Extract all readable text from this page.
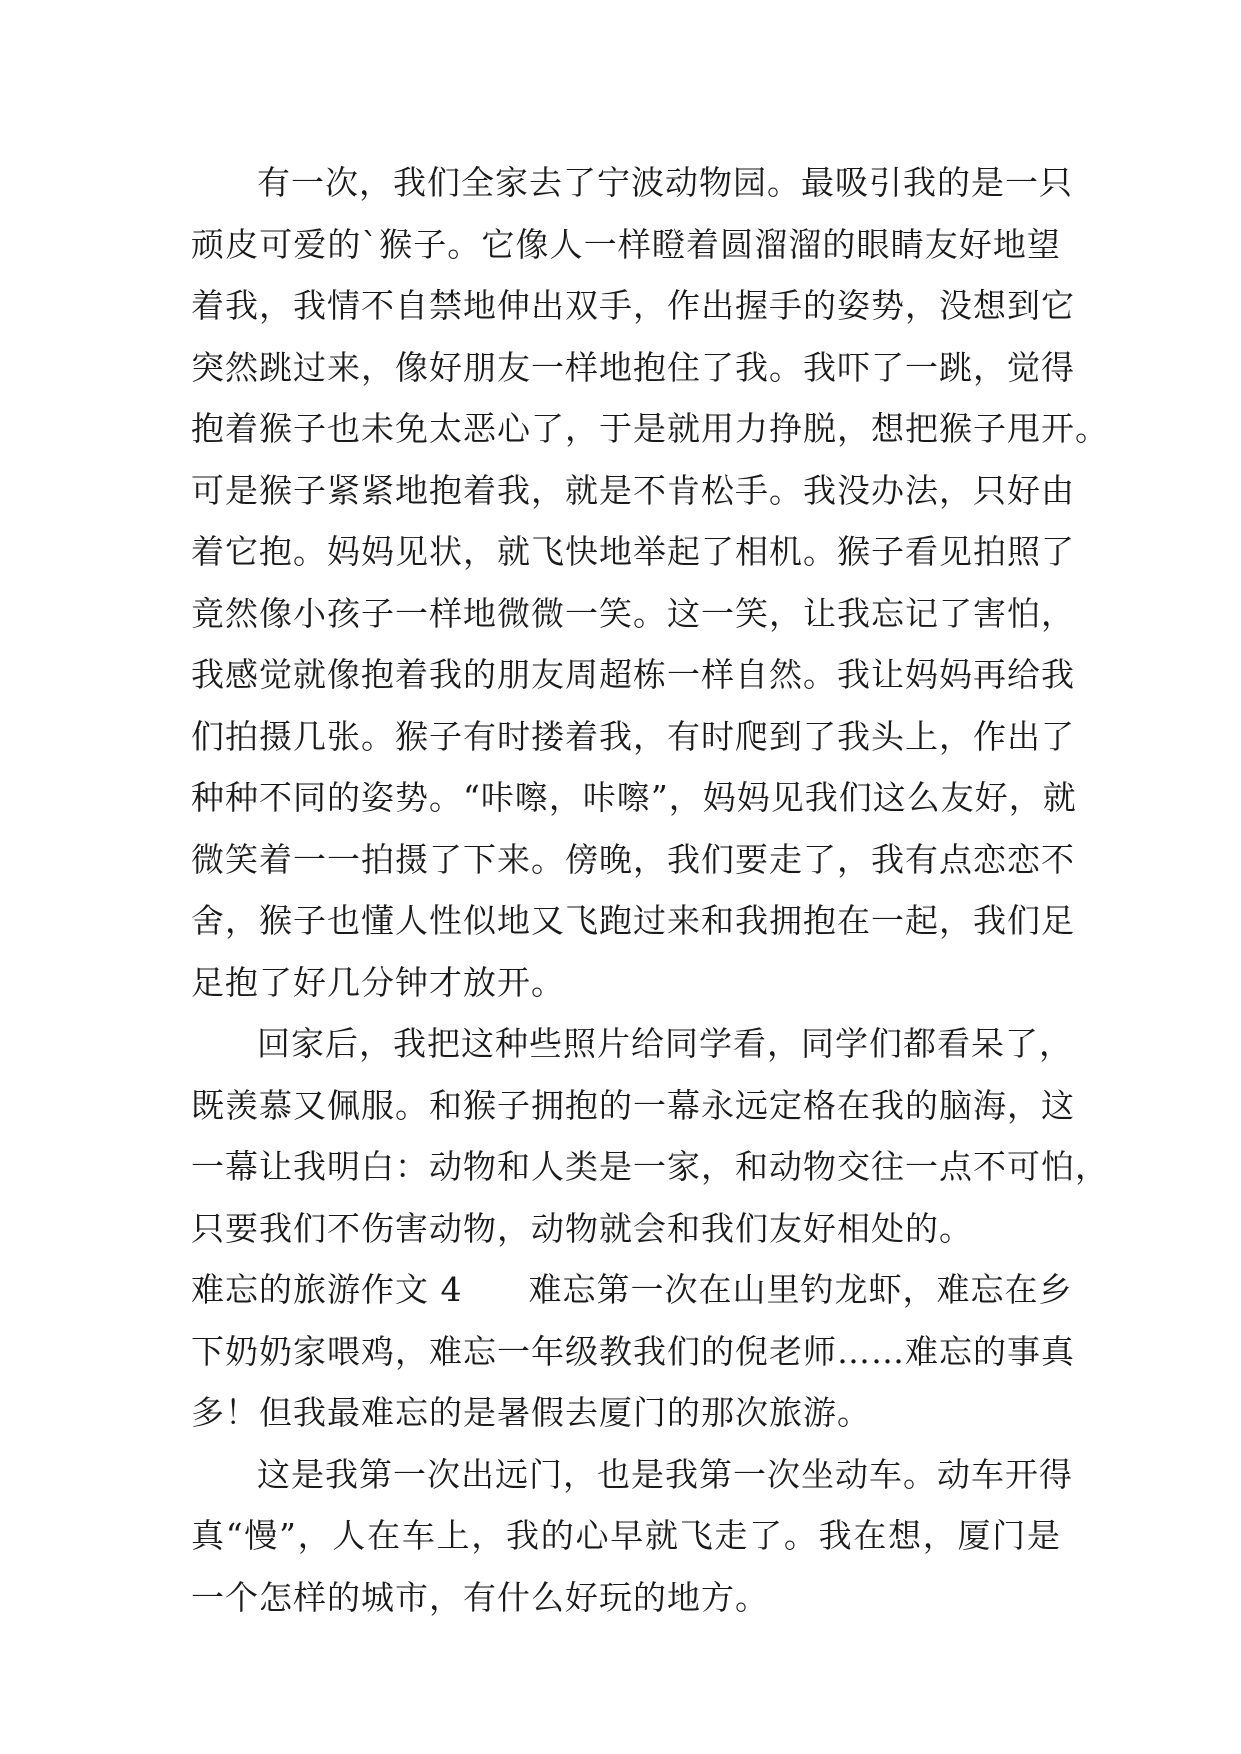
有一次，我们全家去了宁波动物园。最吸引我的是一只
顽皮可爱的`猴子。它像人一样瞪着圆溜溜的眼睛友好地望
着我，我情不自禁地伸出双手，作出握手的姿势，没想到它
突然跳过来，像好朋友一样地抱住了我。我吓了一跳，觉得
抱着猴子也未免太恶心了，于是就用力挣脱，想把猴子甩开。
可是猴子紧紧地抱着我，就是不肯松手。我没办法，只好由
着它抱。妈妈见状，就飞快地举起了相机。猴子看见拍照了
竟然像小孩子一样地微微一笑。这一笑，让我忘记了害怕，
我感觉就像抱着我的朋友周超栋一样自然。我让妈妈再给我
们拍摄几张。猴子有时搂着我，有时爬到了我头上，作出了
种种不同的姿势。“咔嚓，咔嚓”，妈妈见我们这么友好，就
微笑着一一拍摄了下来。傍晚，我们要走了，我有点恋恋不
舍，猴子也懂人性似地又飞跑过来和我拥抱在一起，我们足
足抱了好几分钟才放开。
回家后，我把这种些照片给同学看，同学们都看呆了，
既羡慕又佩服。和猴子拥抱的一幕永远定格在我的脑海，这
一幕让我明白：动物和人类是一家，和动物交往一点不可怕，
只要我们不伤害动物，动物就会和我们友好相处的。
难忘的旅游作文 4 难忘第一次在山里钓龙虾，难忘在乡
下奶奶家喂鸡，难忘一年级教我们的倪老师……难忘的事真
多！但我最难忘的是暑假去厦门的那次旅游。
这是我第一次出远门，也是我第一次坐动车。动车开得
真“慢”，人在车上，我的心早就飞走了。我在想，厦门是
一个怎样的城市，有什么好玩的地方。
